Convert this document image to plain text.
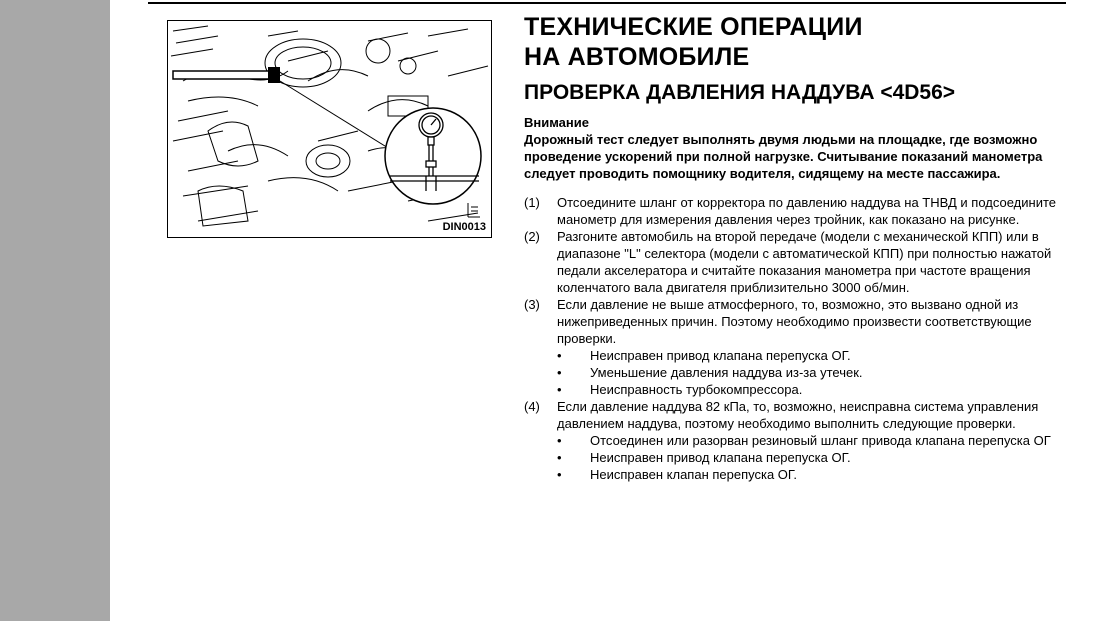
DIN0013
ТЕХНИЧЕСКИЕ ОПЕРАЦИИ
НА АВТОМОБИЛЕ
ПРОВЕРКА ДАВЛЕНИЯ НАДДУВА <4D56>
Внимание
Дорожный тест следует выполнять двумя людьми на площадке, где возможно проведение ускорений при полной нагрузке. Считывание показаний манометра следует проводить помощнику водителя, сидящему на месте пассажира.
(1)	Отсоедините шланг от корректора по давлению наддува на ТНВД и подсоедините манометр для измерения давления через тройник, как показано на рисунке.
(2)	Разгоните автомобиль на второй передаче (модели с механической КПП) или в диапазоне "L" селектора (модели с автоматической КПП) при полностью нажатой педали акселератора и считайте показания манометра при частоте вращения коленчатого вала двигателя приблизительно 3000 об/мин.
(3)	Если давление не выше атмосферного, то, возможно, это вызвано одной из нижеприведенных причин. Поэтому необходимо произвести соответствующие проверки.
•	Неисправен привод клапана перепуска ОГ.
•	Уменьшение давления наддува из-за утечек.
•	Неисправность турбокомпрессора.
(4)	Если давление наддува 82 кПа, то, возможно, неисправна система управления давлением наддува, поэтому необходимо выполнить следующие проверки.
•	Отсоединен или разорван резиновый шланг привода клапана перепуска ОГ
•	Неисправен привод клапана перепуска ОГ.
•	Неисправен клапан перепуска ОГ.
